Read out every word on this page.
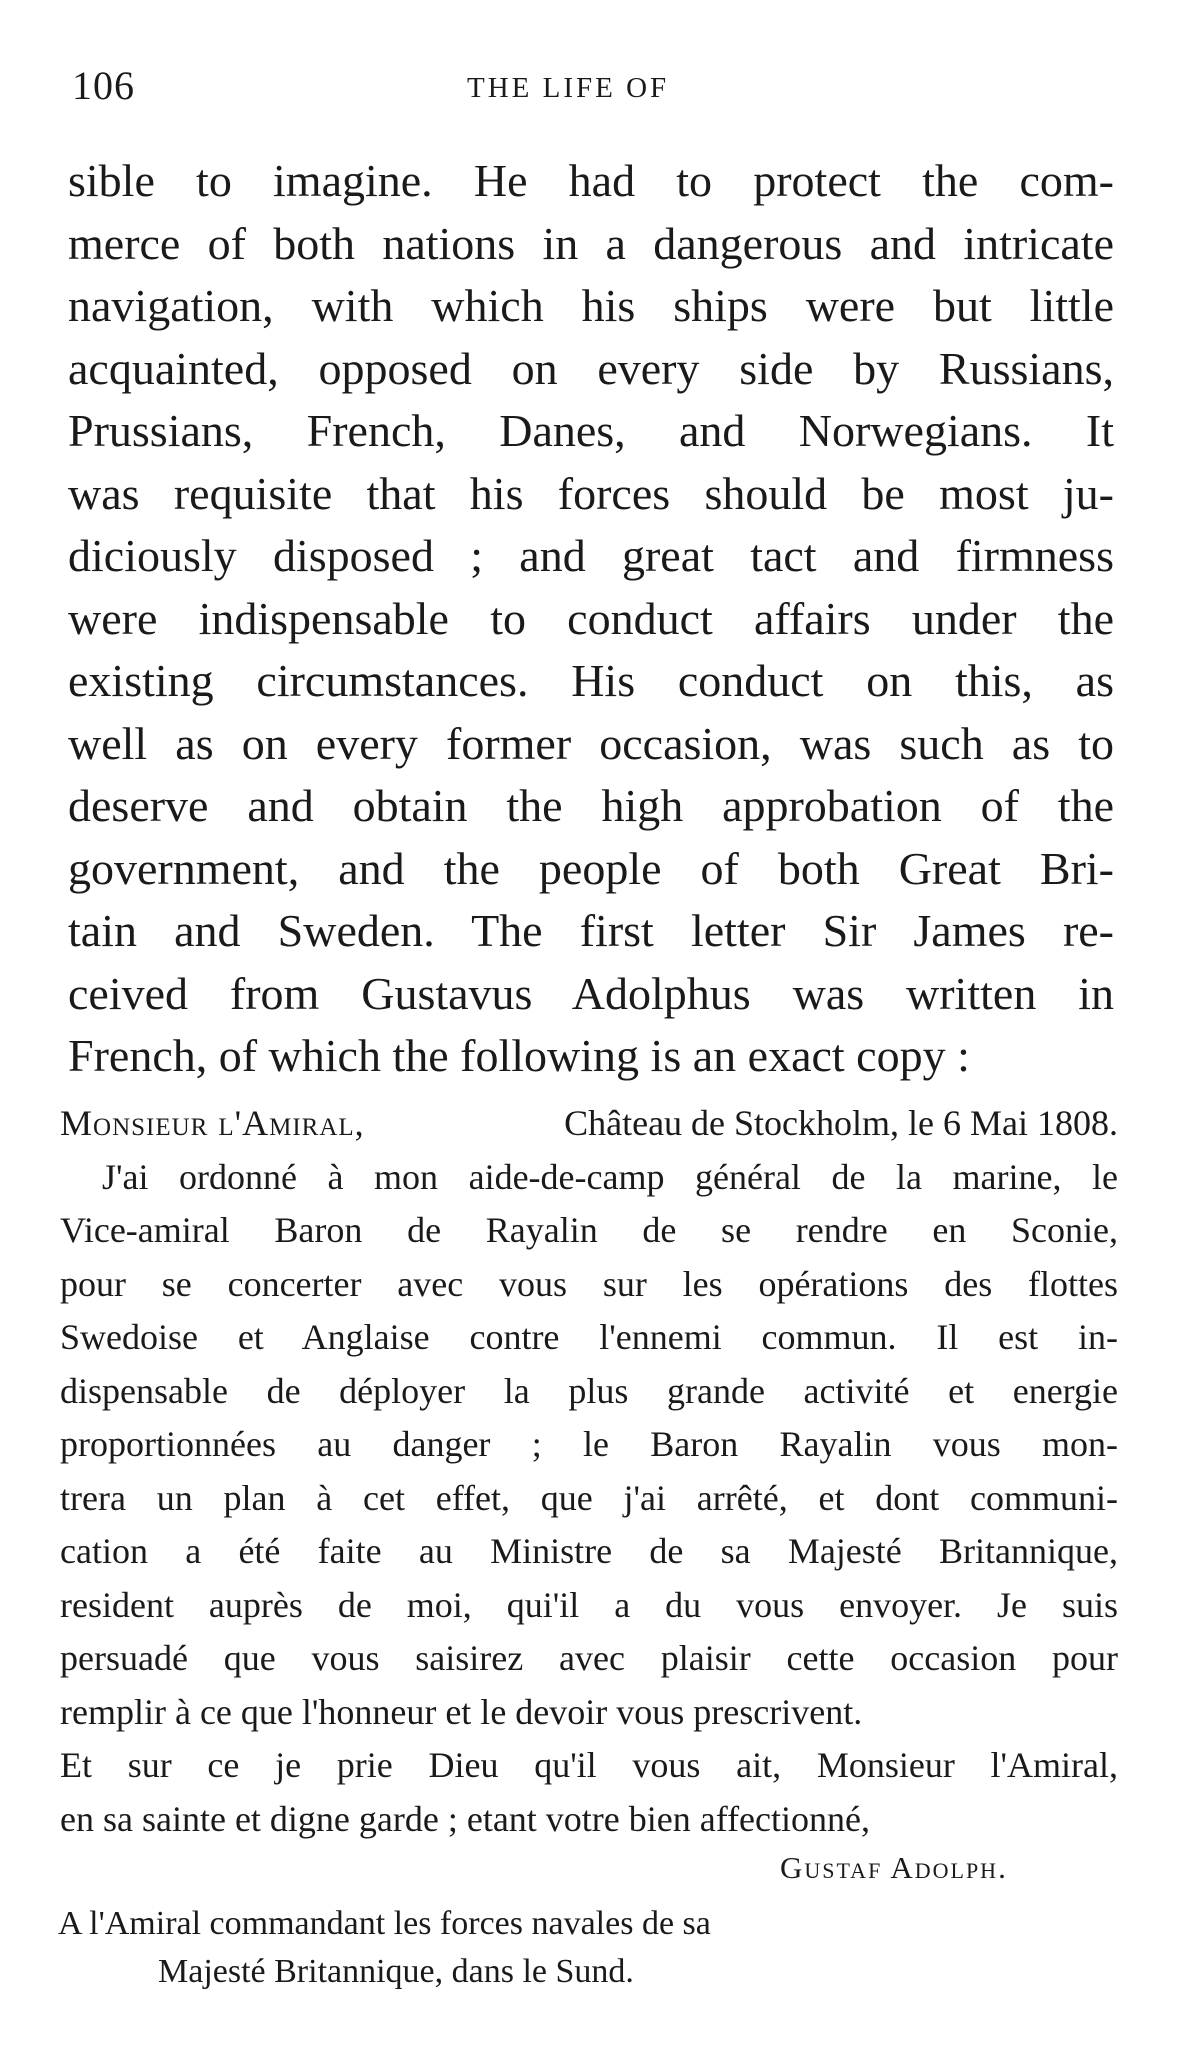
106	THE LIFE OF
sible to imagine. He had to protect the com-
merce of both nations in a dangerous and intricate
navigation, with which his ships were but little
acquainted, opposed on every side by Russians,
Prussians, French, Danes, and Norwegians. It
was requisite that his forces should be most ju-
diciously disposed ; and great tact and firmness
were indispensable to conduct affairs under the
existing circumstances. His conduct on this, as
well as on every former occasion, was such as to
deserve and obtain the high approbation of the
government, and the people of both Great Bri-
tain and Sweden. The first letter Sir James re-
ceived from Gustavus Adolphus was written in
French, of which the following is an exact copy :
Monsieur l'Amiral,	Château de Stockholm, le 6 Mai 1808.
J'ai ordonné à mon aide-de-camp général de la marine, le
Vice-amiral Baron de Rayalin de se rendre en Sconie,
pour se concerter avec vous sur les opérations des flottes
Swedoise et Anglaise contre l'ennemi commun. Il est in-
dispensable de déployer la plus grande activité et energie
proportionnées au danger ; le Baron Rayalin vous mon-
trera un plan à cet effet, que j'ai arrêté, et dont communi-
cation a été faite au Ministre de sa Majesté Britannique,
resident auprès de moi, qui'il a du vous envoyer. Je suis
persuadé que vous saisirez avec plaisir cette occasion pour
remplir à ce que l'honneur et le devoir vous prescrivent.
Et sur ce je prie Dieu qu'il vous ait, Monsieur l'Amiral,
en sa sainte et digne garde ; etant votre bien affectionné,
Gustaf Adolph.
A l'Amiral commandant les forces navales de sa
Majesté Britannique, dans le Sund.
